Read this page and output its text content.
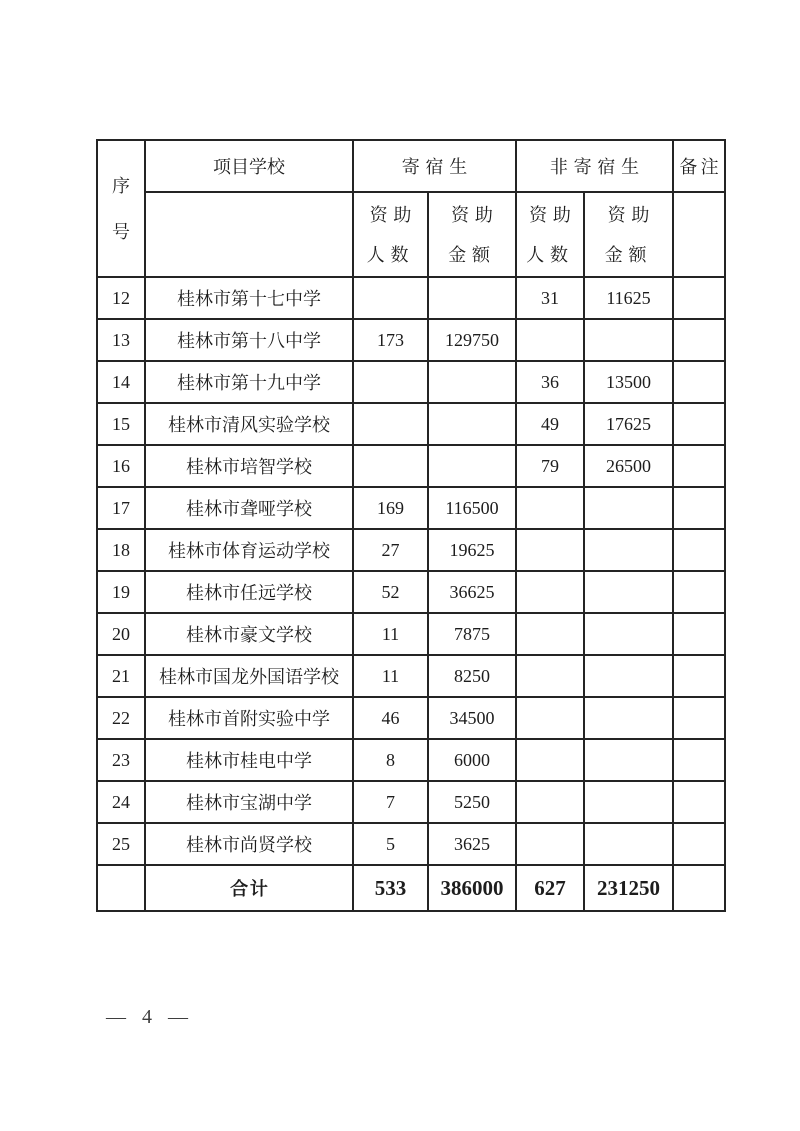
序号	项目学校	寄宿生		非寄宿生		备注

		资助人数	资助金额	资助人数	资助金额	

12	桂林市第十七中学			31	11625	
13	桂林市第十八中学	173	129750			
14	桂林市第十九中学			36	13500	
15	桂林市清风实验学校			49	17625	
16	桂林市培智学校			79	26500	
17	桂林市聋哑学校	169	116500			
18	桂林市体育运动学校	27	19625			
19	桂林市任远学校	52	36625			
20	桂林市豪文学校	11	7875			
21	桂林市国龙外国语学校	11	8250			
22	桂林市首附实验中学	46	34500			
23	桂林市桂电中学	8	6000			
24	桂林市宝湖中学	7	5250			
25	桂林市尚贤学校	5	3625			
	合计	533	386000	627	231250	
— 4 —
